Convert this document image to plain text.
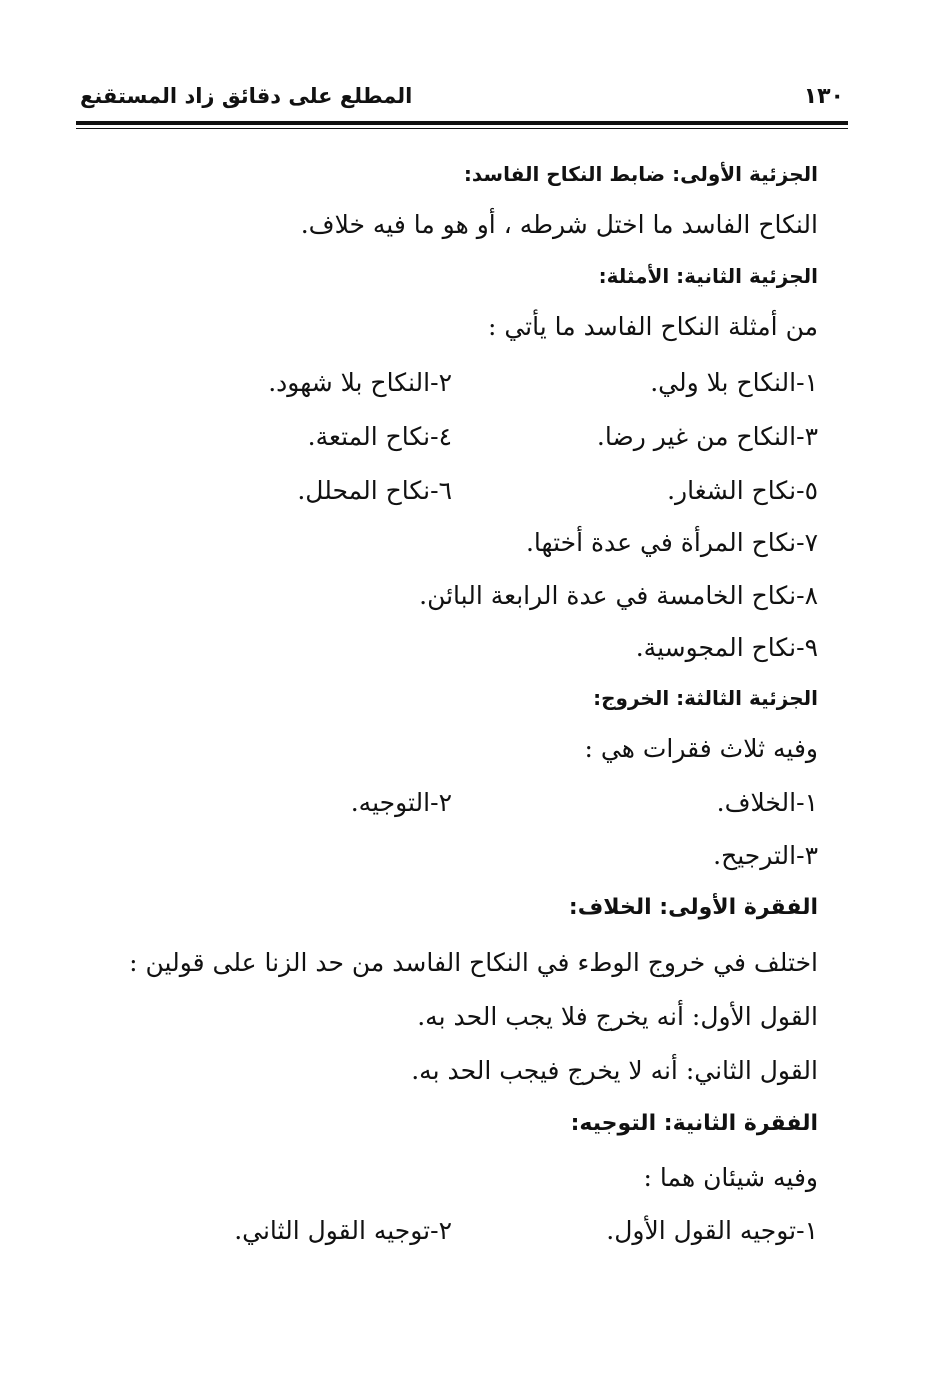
١٣٠
المطلع على دقائق زاد المستقنع
الجزئية الأولى: ضابط النكاح الفاسد:
النكاح الفاسد ما اختل شرطه ، أو هو ما فيه خلاف.
الجزئية الثانية: الأمثلة:
من أمثلة النكاح الفاسد ما يأتي :
١-النكاح بلا ولي.
٢-النكاح بلا شهود.
٣-النكاح من غير رضا.
٤-نكاح المتعة.
٥-نكاح الشغار.
٦-نكاح المحلل.
٧-نكاح المرأة في عدة أختها.
٨-نكاح الخامسة في عدة الرابعة البائن.
٩-نكاح المجوسية.
الجزئية الثالثة: الخروج:
وفيه ثلاث فقرات هي :
١-الخلاف.
٢-التوجيه.
٣-الترجيح.
الفقرة الأولى: الخلاف:
اختلف في خروج الوطء في النكاح الفاسد من حد الزنا على قولين :
القول الأول: أنه يخرج فلا يجب الحد به.
القول الثاني: أنه لا يخرج فيجب الحد به.
الفقرة الثانية: التوجيه:
وفيه شيئان هما :
١-توجيه القول الأول.
٢-توجيه القول الثاني.
